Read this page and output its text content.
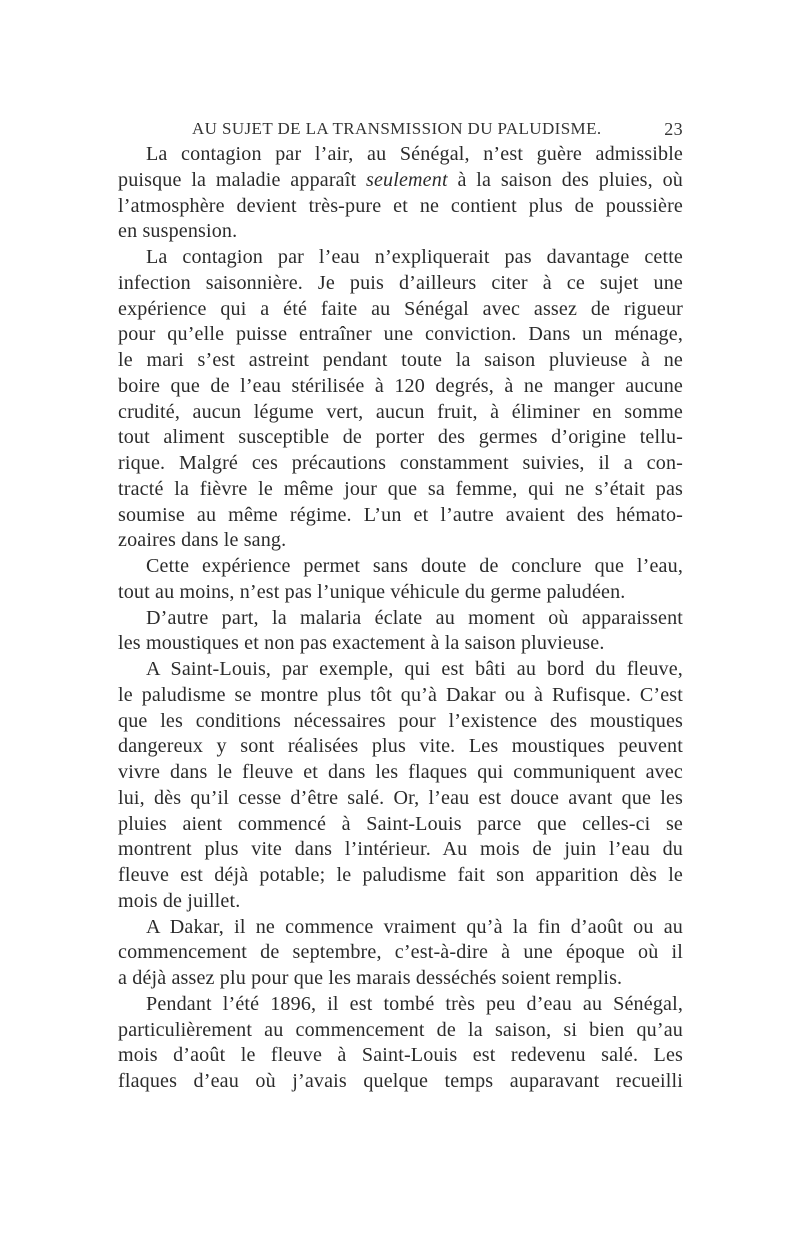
AU SUJET DE LA TRANSMISSION DU PALUDISME.	23

La contagion par l’air, au Sénégal, n’est guère admissible
puisque la maladie apparaît seulement à la saison des pluies, où
l’atmosphère devient très-pure et ne contient plus de poussière
en suspension.

La contagion par l’eau n’expliquerait pas davantage cette
infection saisonnière. Je puis d’ailleurs citer à ce sujet une
expérience qui a été faite au Sénégal avec assez de rigueur
pour qu’elle puisse entraîner une conviction. Dans un ménage,
le mari s’est astreint pendant toute la saison pluvieuse à ne
boire que de l’eau stérilisée à 120 degrés, à ne manger aucune
crudité, aucun légume vert, aucun fruit, à éliminer en somme
tout aliment susceptible de porter des germes d’origine tellu-
rique. Malgré ces précautions constamment suivies, il a con-
tracté la fièvre le même jour que sa femme, qui ne s’était pas
soumise au même régime. L’un et l’autre avaient des hémato-
zoaires dans le sang.

Cette expérience permet sans doute de conclure que l’eau,
tout au moins, n’est pas l’unique véhicule du germe paludéen.

D’autre part, la malaria éclate au moment où apparaissent
les moustiques et non pas exactement à la saison pluvieuse.

A Saint-Louis, par exemple, qui est bâti au bord du fleuve,
le paludisme se montre plus tôt qu’à Dakar ou à Rufisque. C’est
que les conditions nécessaires pour l’existence des moustiques
dangereux y sont réalisées plus vite. Les moustiques peuvent
vivre dans le fleuve et dans les flaques qui communiquent avec
lui, dès qu’il cesse d’être salé. Or, l’eau est douce avant que les
pluies aient commencé à Saint-Louis parce que celles-ci se
montrent plus vite dans l’intérieur. Au mois de juin l’eau du
fleuve est déjà potable; le paludisme fait son apparition dès le
mois de juillet.

A Dakar, il ne commence vraiment qu’à la fin d’août ou au
commencement de septembre, c’est-à-dire à une époque où il
a déjà assez plu pour que les marais desséchés soient remplis.

Pendant l’été 1896, il est tombé très peu d’eau au Sénégal,
particulièrement au commencement de la saison, si bien qu’au
mois d’août le fleuve à Saint-Louis est redevenu salé. Les
flaques d’eau où j’avais quelque temps auparavant recueilli
